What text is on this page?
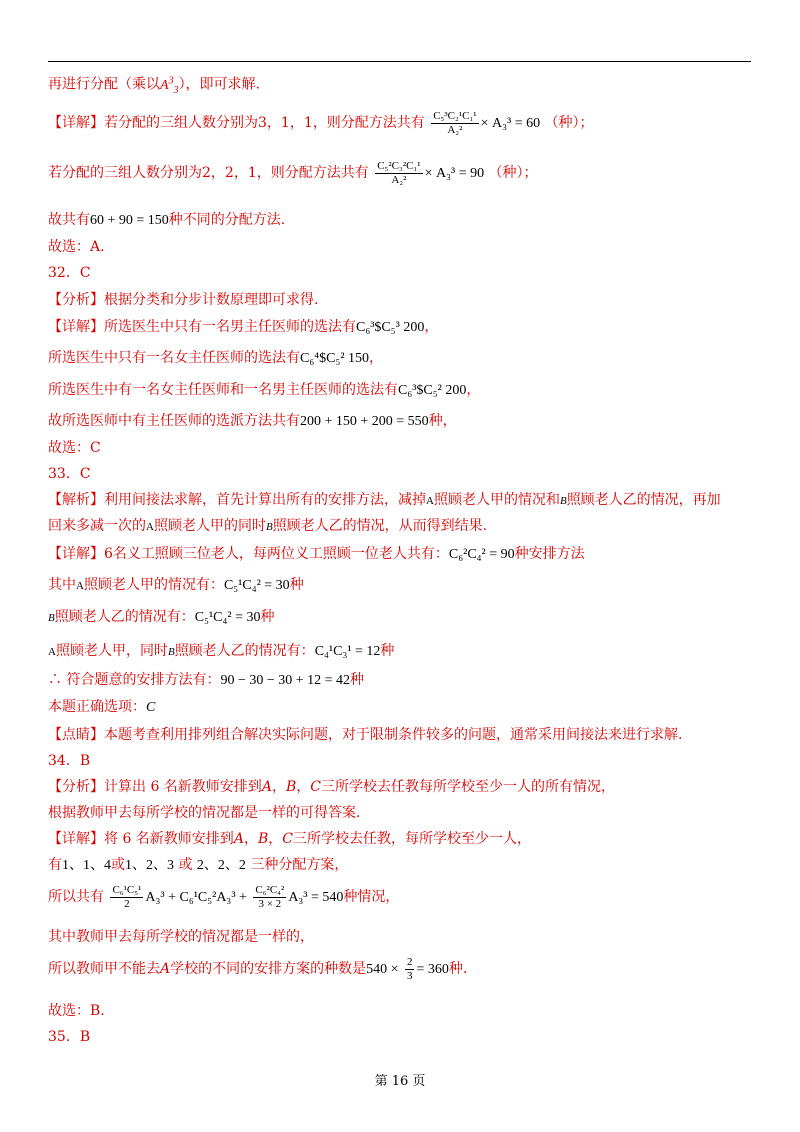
再进行分配（乘以$A^3_3$），即可求解.
【详解】若分配的三组人数分别为3，1，1，则分配方法共有 $\frac{\text{C₅³C₂¹C₁¹}}{\text{A₂²}} \times A_3^3 = 60$ （种）；
若分配的三组人数分别为2，2，1，则分配方法共有 $\frac{\text{C₅²C₃²C₁¹}}{\text{A₂²}} \times A_3^3 = 90$ （种）；
故共有60 + 90 = 150种不同的分配方法.
故选：A.
32．C
【分析】根据分类和分步计数原理即可求得.
【详解】所选医生中只有一名男主任医师的选法有C₆³$C₅³ 200，
所选医生中只有一名女主任医师的选法有C₆⁴$C₅² 150，
所选医生中有一名女主任医师和一名男主任医师的选法有C₆³$C₅² 200，
故所选医师中有主任医师的选派方法共有200 + 150 + 200 = 550种，
故选：C
33．C
【解析】利用间接法求解，首先计算出所有的安排方法，减掉A照顾老人甲的情况和B照顾老人乙的情况，再加
回来多减一次的A照顾老人甲的同时B照顾老人乙的情况，从而得到结果.
【详解】6名义工照顾三位老人，每两位义工照顾一位老人共有：C₆²C₄² = 90种安排方法
其中A照顾老人甲的情况有：C₅¹C₄² = 30种
B照顾老人乙的情况有：C₅¹C₄² = 30种
A照顾老人甲，同时B照顾老人乙的情况有：C₄¹C₃¹ = 12种
∴ 符合题意的安排方法有：90 − 30 − 30 + 12 = 42种
本题正确选项：C
【点睛】本题考查利用排列组合解决实际问题，对于限制条件较多的问题，通常采用间接法来进行求解.
34．B
【分析】计算出 6 名新教师安排到A，B，C三所学校去任教每所学校至少一人的所有情况，
根据教师甲去每所学校的情况都是一样的可得答案.
【详解】将 6 名新教师安排到A，B，C三所学校去任教，每所学校至少一人，
有1、1、4或1、2、3 或 2、2、2 三种分配方案，
所以共有 $\frac{\text{C₆¹C₅¹}}{2} A_3^3 + C_6^1C_5^2A_3^3 + \frac{\text{C₆²C₄²}}{3 \times 2} A_3^3 = 540$种情况，
其中教师甲去每所学校的情况都是一样的，
所以教师甲不能去A学校的不同的安排方案的种数是$540 \times \frac{2}{3} = 360$种.
故选：B.
35．B
第 16 页
